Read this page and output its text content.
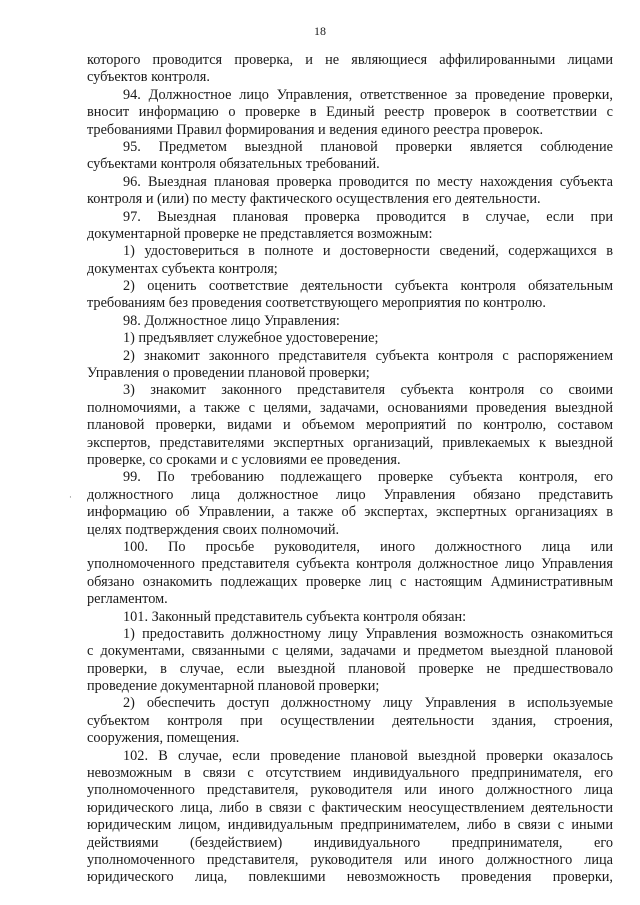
18
·
которого проводится проверка, и не являющиеся аффилированными лицами
субъектов контроля.
94. Должностное лицо Управления, ответственное за проведение проверки,
вносит информацию о проверке в Единый реестр проверок в соответствии с
требованиями Правил формирования и ведения единого реестра проверок.
95. Предметом выездной плановой проверки является соблюдение
субъектами контроля обязательных требований.
96. Выездная плановая проверка проводится по месту нахождения субъекта
контроля и (или) по месту фактического осуществления его деятельности.
97. Выездная плановая проверка проводится в случае, если при
документарной проверке не представляется возможным:
1) удостовериться в полноте и достоверности сведений, содержащихся в
документах субъекта контроля;
2) оценить соответствие деятельности субъекта контроля обязательным
требованиям без проведения соответствующего мероприятия по контролю.
98. Должностное лицо Управления:
1) предъявляет служебное удостоверение;
2) знакомит законного представителя субъекта контроля с распоряжением
Управления о проведении плановой проверки;
3) знакомит законного представителя субъекта контроля со своими
полномочиями, а также с целями, задачами, основаниями проведения выездной
плановой проверки, видами и объемом мероприятий по контролю, составом
экспертов, представителями экспертных организаций, привлекаемых к выездной
проверке, со сроками и с условиями ее проведения.
99. По требованию подлежащего проверке субъекта контроля, его
должностного лица должностное лицо Управления обязано представить
информацию об Управлении, а также об экспертах, экспертных организациях в
целях подтверждения своих полномочий.
100. По просьбе руководителя, иного должностного лица или
уполномоченного представителя субъекта контроля должностное лицо Управления
обязано ознакомить подлежащих проверке лиц с настоящим Административным
регламентом.
101. Законный представитель субъекта контроля обязан:
1) предоставить должностному лицу Управления возможность ознакомиться
с документами, связанными с целями, задачами и предметом выездной плановой
проверки, в случае, если выездной плановой проверке не предшествовало
проведение документарной плановой проверки;
2) обеспечить доступ должностному лицу Управления в используемые
субъектом контроля при осуществлении деятельности здания, строения,
сооружения, помещения.
102. В случае, если проведение плановой выездной проверки оказалось
невозможным в связи с отсутствием индивидуального предпринимателя, его
уполномоченного представителя, руководителя или иного должностного лица
юридического лица, либо в связи с фактическим неосуществлением деятельности
юридическим лицом, индивидуальным предпринимателем, либо в связи с иными
действиями (бездействием) индивидуального предпринимателя, его
уполномоченного представителя, руководителя или иного должностного лица
юридического лица, повлекшими невозможность проведения проверки,
